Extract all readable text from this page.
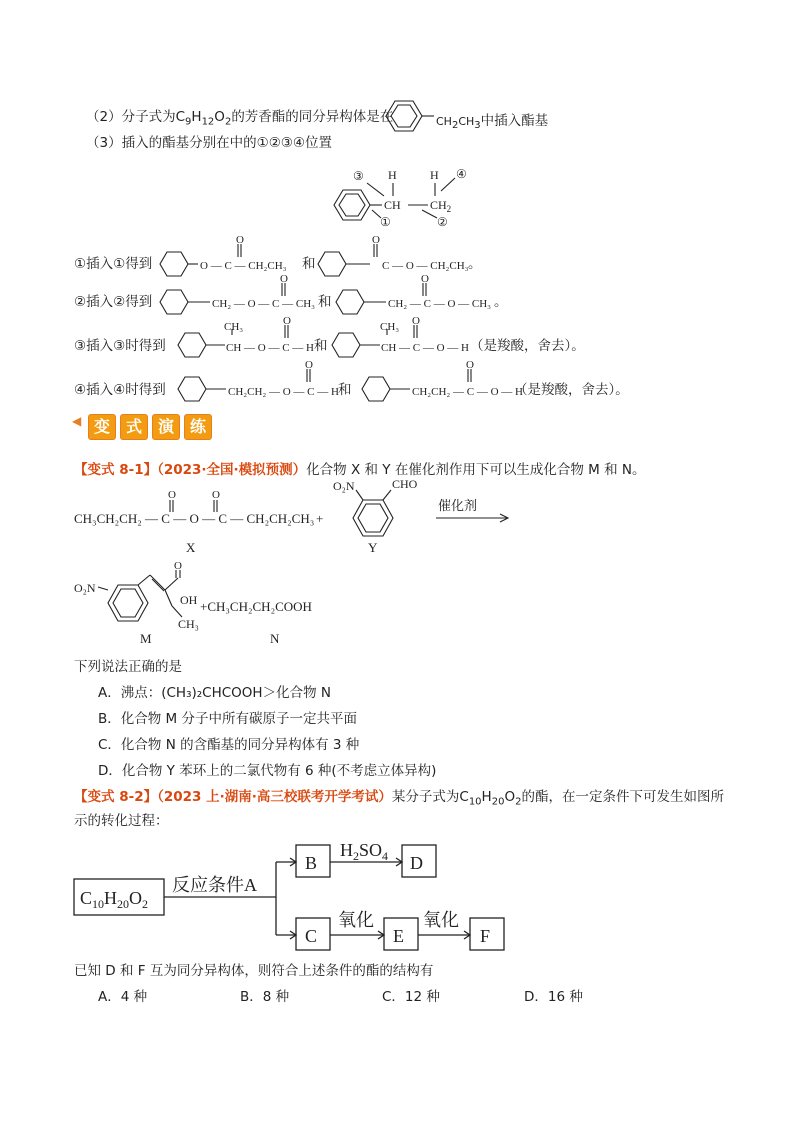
（2）分子式为$C_9H_{12}O_2$的芳香酯的同分异构体是在	CH2CH3中插入酯基
（3）插入的酯基分别在中的①②③④位置
③ H	H ④
CH $CH_2$
①	②
O	O
O	O
O	O
O	O
CH₃	CH₃
CH₃CH₂CH₂ — C — O — C — CH₂CH₂CH₃
O	O
+
O₂N	CHO
催化剂
X	Y
O₂N
O
OH
CH₃
+CH₃CH₂CH₂COOH
M	N
$C_{10}H_{20}O_2$
反应条件A
B	D
C	E	F
$H_2SO_4$
氧化	氧化
①插入①得到	O — C — CH₂CH₃ 和	C — O — CH₂CH₃ 。
②插入②得到	CH₂ — O — C — CH₃ 和	CH₂ — C — O — CH₃ 。
③插入③时得到	CH — O — C — H 和	CH — C — O — H （是羧酸，舍去）。
④插入④时得到	CH₂CH₂ — O — C — H 和	CH₂CH₂ — C — O — H
（是羧酸，舍去）。
变 式 演 练
◀
【变式 8-1】（2023·全国·模拟预测）化合物 X 和 Y 在催化剂作用下可以生成化合物 M 和 N。
下列说法正确的是
A．沸点：(CH₃)₂CHCOOH＞化合物 N
B．化合物 M 分子中所有碳原子一定共平面
C．化合物 N 的含酯基的同分异构体有 3 种
D．化合物 Y 苯环上的二氯代物有 6 种(不考虑立体异构)
【变式 8-2】（2023 上·湖南·高三校联考开学考试）某分子式为$C_{10}H_{20}O_2$的酯，在一定条件下可发生如图所
示的转化过程：
已知 D 和 F 互为同分异构体，则符合上述条件的酯的结构有
A．4 种	B．8 种	C．12 种	D．16 种
